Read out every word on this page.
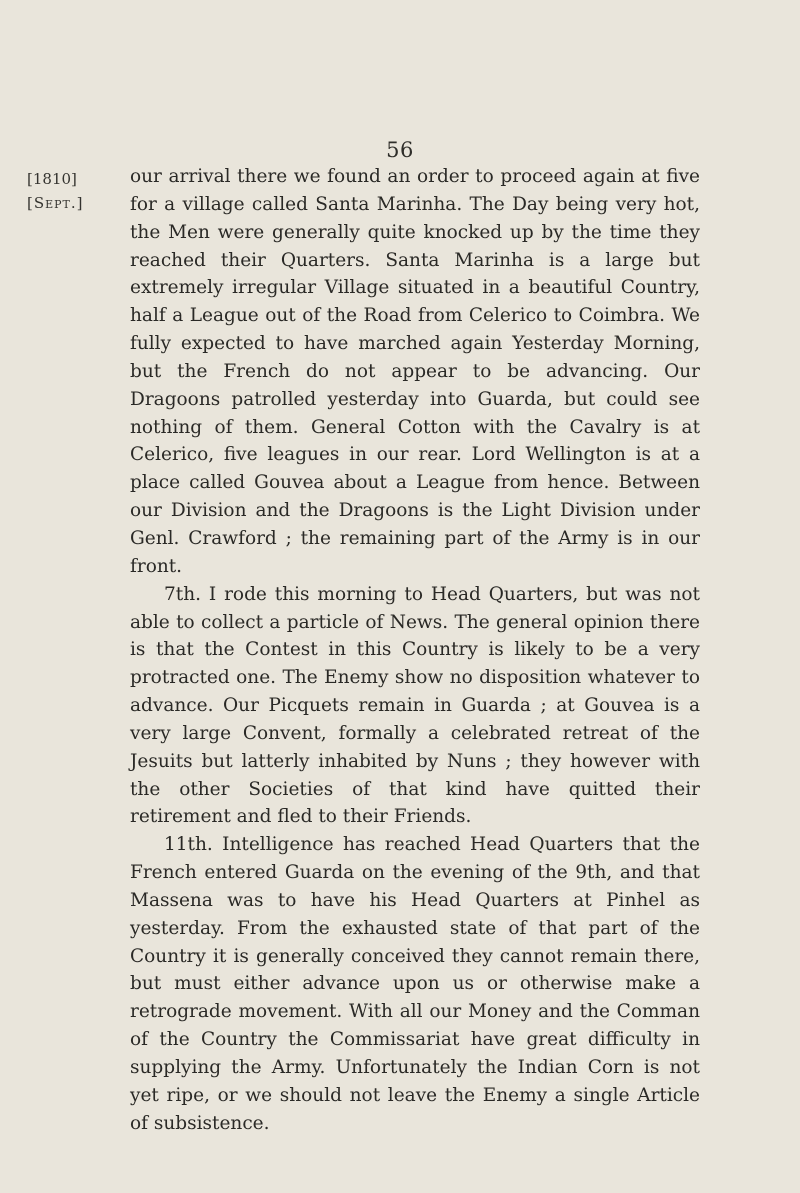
56
[1810]
[Sept.]

our arrival there we found an order to proceed again at five for a village called Santa Marinha. The Day being very hot, the Men were generally quite knocked up by the time they reached their Quarters. Santa Marinha is a large but extremely irregular Village situated in a beautiful Country, half a League out of the Road from Celerico to Coimbra. We fully expected to have marched again Yesterday Morning, but the French do not appear to be advancing. Our Dragoons patrolled yesterday into Guarda, but could see nothing of them. General Cotton with the Cavalry is at Celerico, five leagues in our rear. Lord Wellington is at a place called Gouvea about a League from hence. Between our Division and the Dragoons is the Light Division under Genl. Crawford ; the remaining part of the Army is in our front.

7th. I rode this morning to Head Quarters, but was not able to collect a particle of News. The general opinion there is that the Contest in this Country is likely to be a very protracted one. The Enemy show no disposition whatever to advance. Our Picquets remain in Guarda ; at Gouvea is a very large Convent, formally a celebrated retreat of the Jesuits but latterly inhabited by Nuns ; they however with the other Societies of that kind have quitted their retirement and fled to their Friends.

11th. Intelligence has reached Head Quarters that the French entered Guarda on the evening of the 9th, and that Massena was to have his Head Quarters at Pinhel as yesterday. From the exhausted state of that part of the Country it is generally conceived they cannot remain there, but must either advance upon us or otherwise make a retrograde movement. With all our Money and the Comman of the Country the Commissariat have great difficulty in supplying the Army. Unfortunately the Indian Corn is not yet ripe, or we should not leave the Enemy a single Article of subsistence.
